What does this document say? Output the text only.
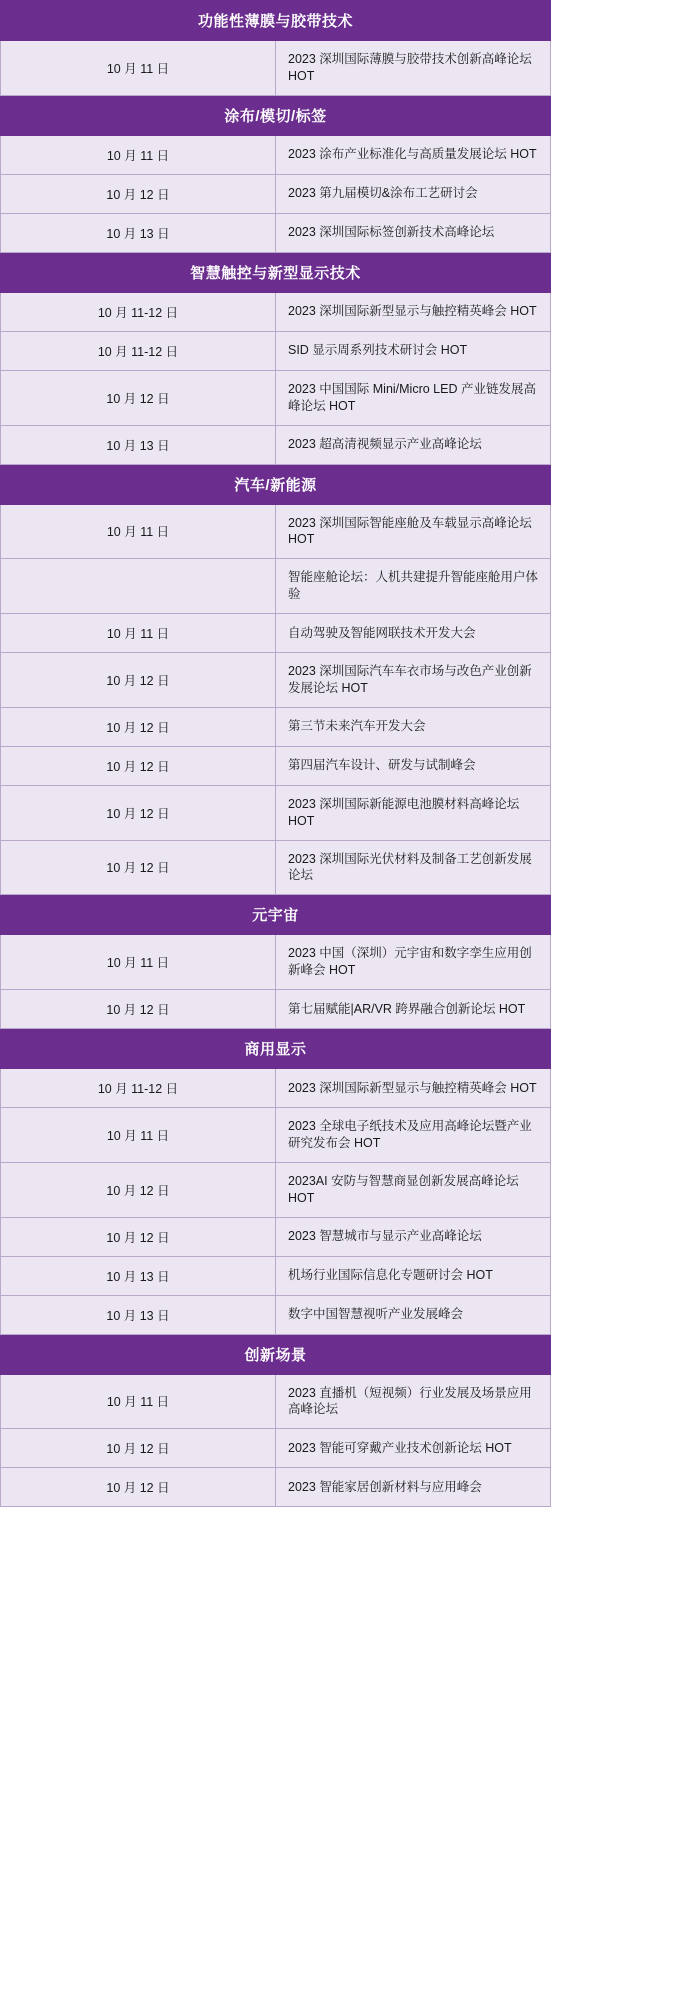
功能性薄膜与胶带技术	
10 月 11 日	2023 深圳国际薄膜与胶带技术创新高峰论坛 HOT
涂布/模切/标签	
10 月 11 日	2023 涂布产业标准化与高质量发展论坛 HOT
10 月 12 日	2023 第九届模切&涂布工艺研讨会
10 月 13 日	2023 深圳国际标签创新技术高峰论坛
智慧触控与新型显示技术	
10 月 11-12 日	2023 深圳国际新型显示与触控精英峰会 HOT
10 月 11-12 日	SID 显示周系列技术研讨会 HOT
10 月 12 日	2023 中国国际 Mini/Micro LED 产业链发展高峰论坛 HOT
10 月 13 日	2023 超高清视频显示产业高峰论坛
汽车/新能源	
10 月 11 日	2023 深圳国际智能座舱及车载显示高峰论坛 HOT
	智能座舱论坛：人机共建提升智能座舱用户体验
10 月 11 日	自动驾驶及智能网联技术开发大会
10 月 12 日	2023 深圳国际汽车车衣市场与改色产业创新发展论坛 HOT
10 月 12 日	第三节未来汽车开发大会
10 月 12 日	第四届汽车设计、研发与试制峰会
10 月 12 日	2023 深圳国际新能源电池膜材料高峰论坛 HOT
10 月 12 日	2023 深圳国际光伏材料及制备工艺创新发展论坛
元宇宙	
10 月 11 日	2023 中国（深圳）元宇宙和数字孪生应用创新峰会 HOT
10 月 12 日	第七届赋能|AR/VR 跨界融合创新论坛 HOT
商用显示	
10 月 11-12 日	2023 深圳国际新型显示与触控精英峰会 HOT
10 月 11 日	2023 全球电子纸技术及应用高峰论坛暨产业研究发布会 HOT
10 月 12 日	2023AI 安防与智慧商显创新发展高峰论坛 HOT
10 月 12 日	2023 智慧城市与显示产业高峰论坛
10 月 13 日	机场行业国际信息化专题研讨会 HOT
10 月 13 日	数字中国智慧视听产业发展峰会
创新场景	
10 月 11 日	2023 直播机（短视频）行业发展及场景应用高峰论坛
10 月 12 日	2023 智能可穿戴产业技术创新论坛 HOT
10 月 12 日	2023 智能家居创新材料与应用峰会
